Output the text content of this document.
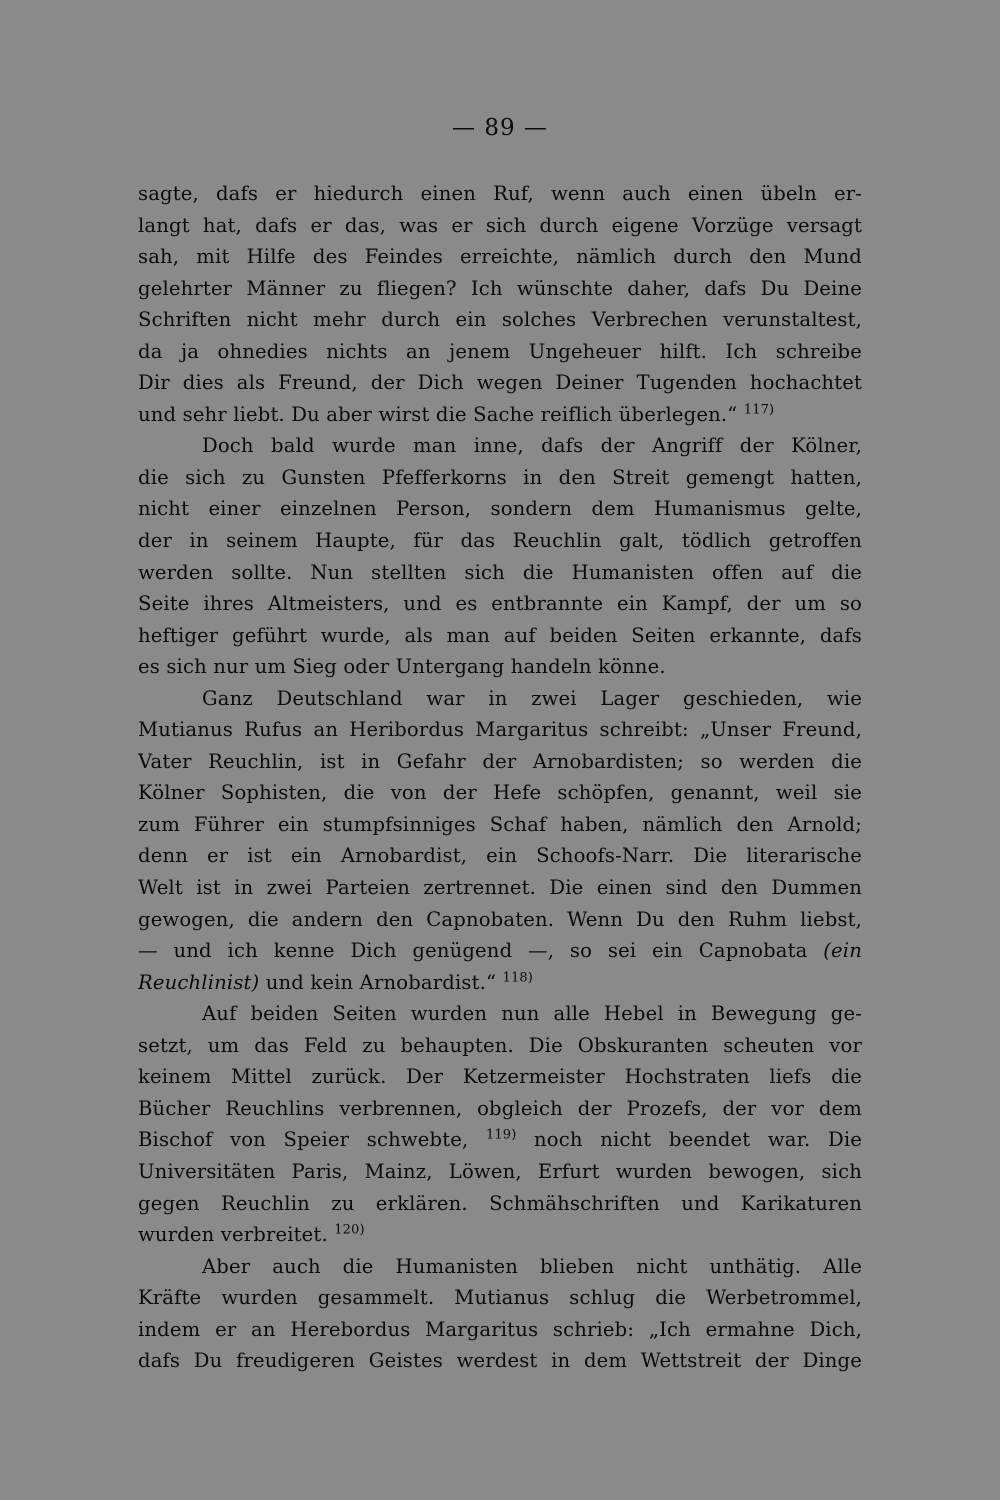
— 89 —
sagte, dafs er hiedurch einen Ruf, wenn auch einen übeln er-
langt hat, dafs er das, was er sich durch eigene Vorzüge versagt
sah, mit Hilfe des Feindes erreichte, nämlich durch den Mund
gelehrter Männer zu fliegen? Ich wünschte daher, dafs Du Deine
Schriften nicht mehr durch ein solches Verbrechen verunstaltest,
da ja ohnedies nichts an jenem Ungeheuer hilft. Ich schreibe
Dir dies als Freund, der Dich wegen Deiner Tugenden hochachtet
und sehr liebt. Du aber wirst die Sache reiflich überlegen.“ $^{117)}$
Doch bald wurde man inne, dafs der Angriff der Kölner,
die sich zu Gunsten Pfefferkorns in den Streit gemengt hatten,
nicht einer einzelnen Person, sondern dem Humanismus gelte,
der in seinem Haupte, für das Reuchlin galt, tödlich getroffen
werden sollte. Nun stellten sich die Humanisten offen auf die
Seite ihres Altmeisters, und es entbrannte ein Kampf, der um so
heftiger geführt wurde, als man auf beiden Seiten erkannte, dafs
es sich nur um Sieg oder Untergang handeln könne.
Ganz Deutschland war in zwei Lager geschieden, wie
Mutianus Rufus an Heribordus Margaritus schreibt: „Unser Freund,
Vater Reuchlin, ist in Gefahr der Arnobardisten; so werden die
Kölner Sophisten, die von der Hefe schöpfen, genannt, weil sie
zum Führer ein stumpfsinniges Schaf haben, nämlich den Arnold;
denn er ist ein Arnobardist, ein Schoofs-Narr. Die literarische
Welt ist in zwei Parteien zertrennet. Die einen sind den Dummen
gewogen, die andern den Capnobaten. Wenn Du den Ruhm liebst,
— und ich kenne Dich genügend —, so sei ein Capnobata (ein
Reuchlinist) und kein Arnobardist.“ $^{118)}$
Auf beiden Seiten wurden nun alle Hebel in Bewegung ge-
setzt, um das Feld zu behaupten. Die Obskuranten scheuten vor
keinem Mittel zurück. Der Ketzermeister Hochstraten liefs die
Bücher Reuchlins verbrennen, obgleich der Prozefs, der vor dem
Bischof von Speier schwebte, $^{119)}$ noch nicht beendet war. Die
Universitäten Paris, Mainz, Löwen, Erfurt wurden bewogen, sich
gegen Reuchlin zu erklären. Schmähschriften und Karikaturen
wurden verbreitet. $^{120)}$
Aber auch die Humanisten blieben nicht unthätig. Alle
Kräfte wurden gesammelt. Mutianus schlug die Werbetrommel,
indem er an Herebordus Margaritus schrieb: „Ich ermahne Dich,
dafs Du freudigeren Geistes werdest in dem Wettstreit der Dinge
